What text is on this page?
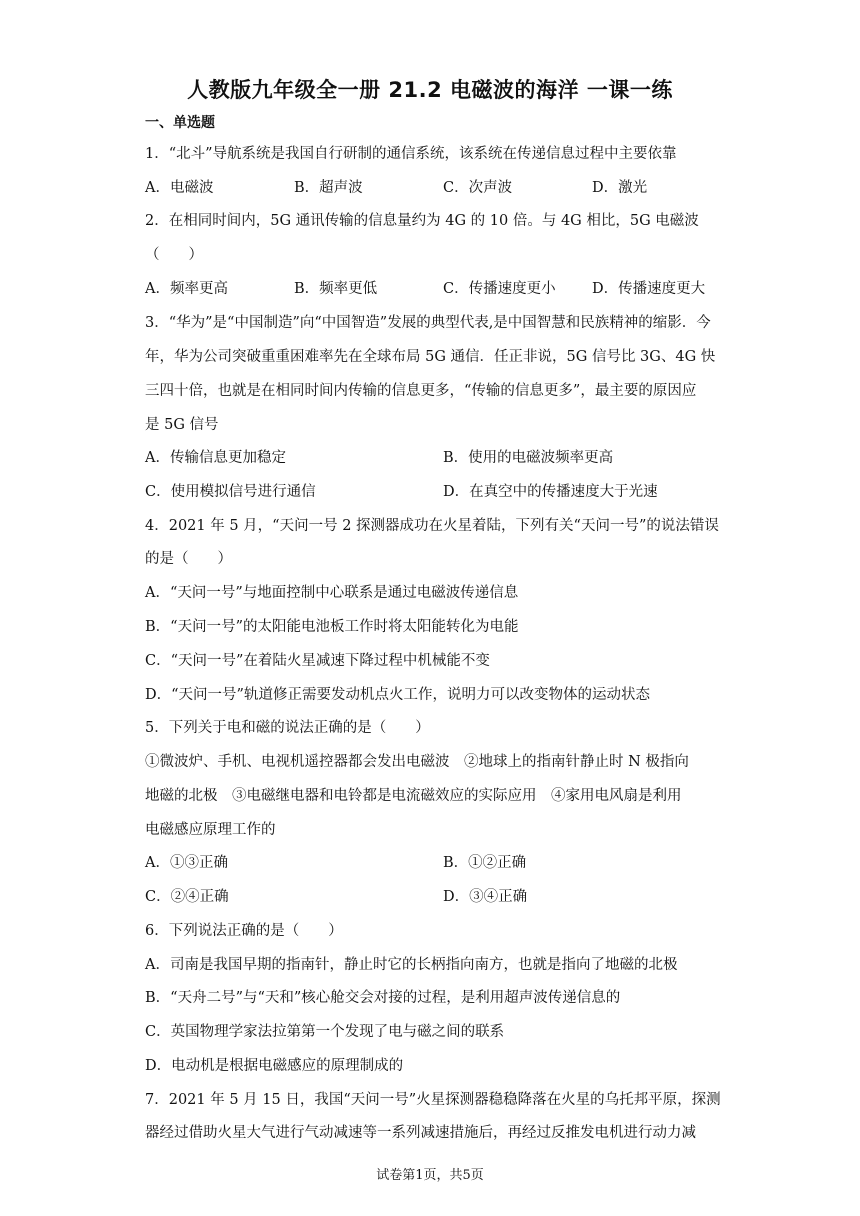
人教版九年级全一册 21.2 电磁波的海洋 一课一练
一、单选题
1．“北斗”导航系统是我国自行研制的通信系统，该系统在传递信息过程中主要依靠
A．电磁波	B．超声波	C．次声波	D．激光
2．在相同时间内，5G 通讯传输的信息量约为 4G 的 10 倍。与 4G 相比，5G 电磁波
（　　）
A．频率更高	B．频率更低	C．传播速度更小	D．传播速度更大
3．“华为”是“中国制造”向“中国智造”发展的典型代表,是中国智慧和民族精神的缩影．今
年，华为公司突破重重困难率先在全球布局 5G 通信．任正非说，5G 信号比 3G、4G 快
三四十倍，也就是在相同时间内传输的信息更多，“传输的信息更多”，最主要的原因应
是 5G 信号
A．传输信息更加稳定	B．使用的电磁波频率更高
C．使用模拟信号进行通信	D．在真空中的传播速度大于光速
4．2021 年 5 月，“天问一号 2 探测器成功在火星着陆，下列有关“天问一号”的说法错误
的是（　　）
A．“天问一号”与地面控制中心联系是通过电磁波传递信息
B．“天问一号”的太阳能电池板工作时将太阳能转化为电能
C．“天问一号”在着陆火星减速下降过程中机械能不变
D．“天问一号”轨道修正需要发动机点火工作，说明力可以改变物体的运动状态
5．下列关于电和磁的说法正确的是（　　）
①微波炉、手机、电视机遥控器都会发出电磁波　②地球上的指南针静止时 N 极指向
地磁的北极　③电磁继电器和电铃都是电流磁效应的实际应用　④家用电风扇是利用
电磁感应原理工作的
A．①③正确	B．①②正确
C．②④正确	D．③④正确
6．下列说法正确的是（　　）
A．司南是我国早期的指南针，静止时它的长柄指向南方，也就是指向了地磁的北极
B．“天舟二号”与“天和”核心舱交会对接的过程，是利用超声波传递信息的
C．英国物理学家法拉第第一个发现了电与磁之间的联系
D．电动机是根据电磁感应的原理制成的
7．2021 年 5 月 15 日，我国“天问一号”火星探测器稳稳降落在火星的乌托邦平原，探测
器经过借助火星大气进行气动减速等一系列减速措施后，再经过反推发电机进行动力减
试卷第1页，共5页
